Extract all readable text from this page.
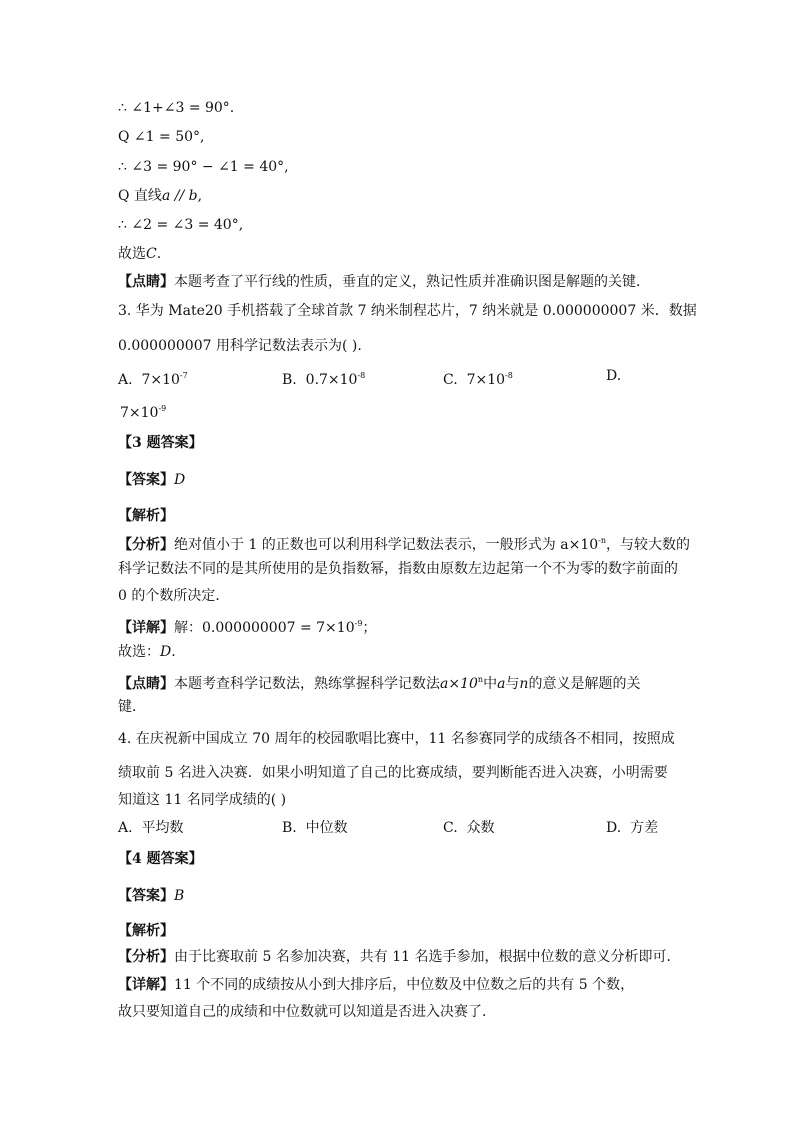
∴ ∠1+∠3 = 90°.
Q ∠1 = 50°,
∴ ∠3 = 90° − ∠1 = 40°,
Q 直线a // b,
∴ ∠2 = ∠3 = 40°,
故选C.
【点睛】本题考查了平行线的性质，垂直的定义，熟记性质并准确识图是解题的关键．
3. 华为 Mate20 手机搭载了全球首款 7 纳米制程芯片，7 纳米就是 0.000000007 米．数据
0.000000007 用科学记数法表示为( ).
A. $7\times 10^{-7}$	B. $0.7\times 10^{-8}$	C. $7\times 10^{-8}$	D.
$7\times 10^{-9}$
【3 题答案】
【答案】D
【解析】
【分析】绝对值小于 1 的正数也可以利用科学记数法表示，一般形式为 $a\times 10^{-n}$，与较大数的
科学记数法不同的是其所使用的是负指数幂，指数由原数左边起第一个不为零的数字前面的
0 的个数所决定．
【详解】解：$0.000000007 = 7\times 10^{-9}$；
故选：D.
【点睛】本题考查科学记数法，熟练掌握科学记数法$a\times 10^n$中a与n的意义是解题的关
键．
4. 在庆祝新中国成立 70 周年的校园歌唱比赛中，11 名参赛同学的成绩各不相同，按照成
绩取前 5 名进入决赛．如果小明知道了自己的比赛成绩，要判断能否进入决赛，小明需要
知道这 11 名同学成绩的( )
A. 平均数	B. 中位数	C. 众数	D. 方差
【4 题答案】
【答案】B
【解析】
【分析】由于比赛取前 5 名参加决赛，共有 11 名选手参加，根据中位数的意义分析即可．
【详解】11 个不同的成绩按从小到大排序后，中位数及中位数之后的共有 5 个数，
故只要知道自己的成绩和中位数就可以知道是否进入决赛了．
